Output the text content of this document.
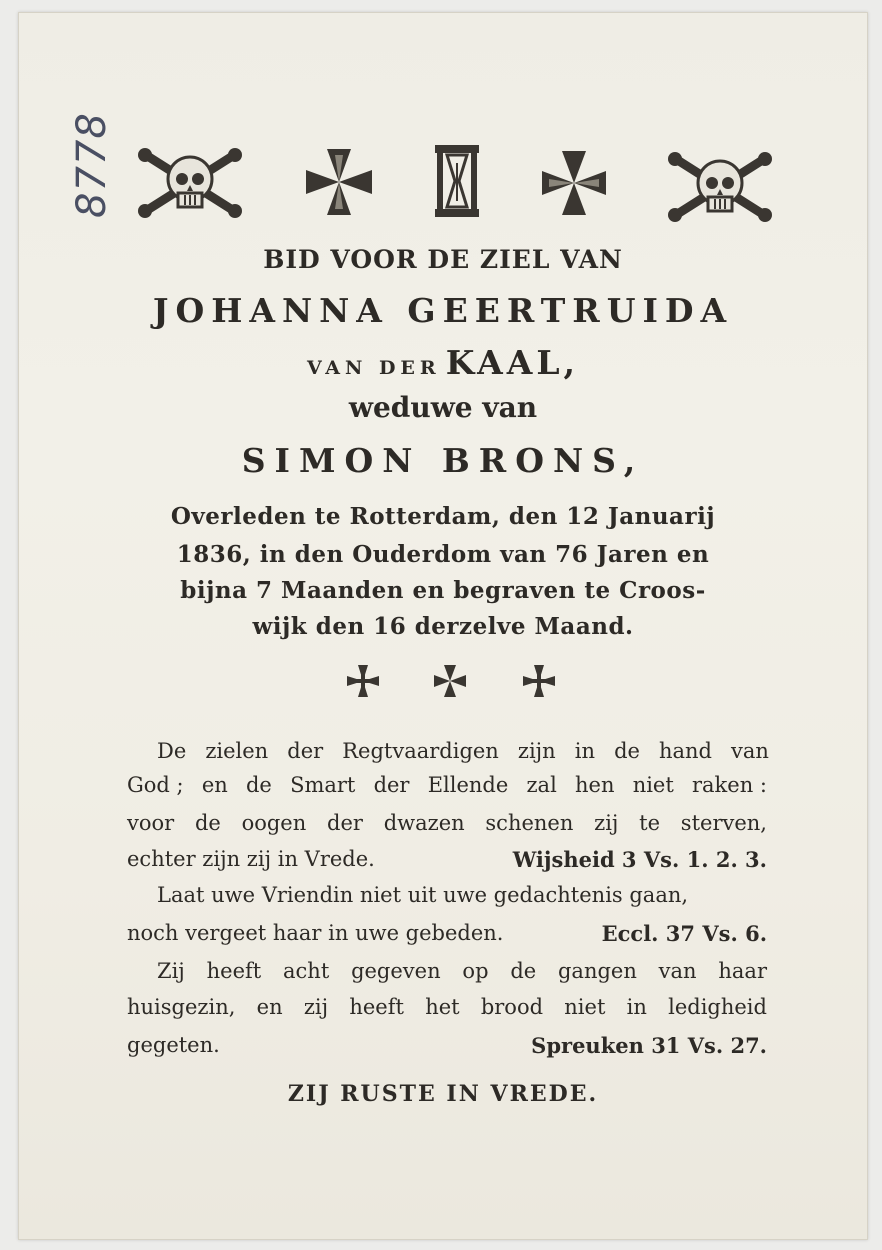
8778
BID VOOR DE ZIEL VAN
JOHANNA GEERTRUIDA
VAN DER KAAL,
weduwe van
SIMON BRONS,
Overleden te Rotterdam, den 12 Januarij
1836, in den Ouderdom van 76 Jaren en
bijna 7 Maanden en begraven te Croos-
wijk den 16 derzelve Maand.
De zielen der Regtvaardigen zijn in de hand van
God ; en de Smart der Ellende zal hen niet raken :
voor de oogen der dwazen schenen zij te sterven,
echter zijn zij in Vrede.	Wijsheid 3 Vs. 1. 2. 3.
Laat uwe Vriendin niet uit uwe gedachtenis gaan,
noch vergeet haar in uwe gebeden.	Eccl. 37 Vs. 6.
Zij heeft acht gegeven op de gangen van haar
huisgezin, en zij heeft het brood niet in ledigheid
gegeten.	Spreuken 31 Vs. 27.
ZIJ RUSTE IN VREDE.
